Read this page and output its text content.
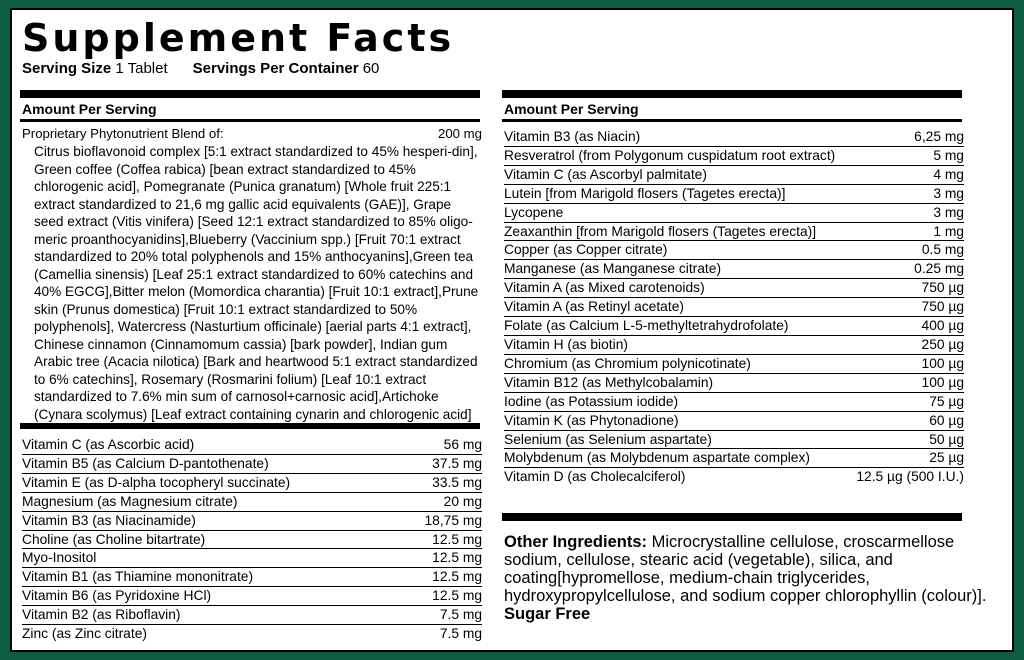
Supplement Facts
Serving Size 1 Tablet Servings Per Container 60
Amount Per Serving
Proprietary Phytonutrient Blend of:	200 mg
Citrus bioflavonoid complex [5:1 extract standardized to 45% hesperi-din], Green coffee (Coffea rabica) [bean extract standardized to 45% chlorogenic acid], Pomegranate (Punica granatum) [Whole fruit 225:1 extract standardized to 21,6 mg gallic acid equivalents (GAE)], Grape seed extract (Vitis vinifera) [Seed 12:1 extract standardized to 85% oligo-meric proanthocyanidins],Blueberry (Vaccinium spp.) [Fruit 70:1 extract standardized to 20% total polyphenols and 15% anthocyanins],Green tea (Camellia sinensis) [Leaf 25:1 extract standardized to 60% catechins and 40% EGCG],Bitter melon (Momordica charantia) [Fruit 10:1 extract],Prune skin (Prunus domestica) [Fruit 10:1 extract standardized to 50% polyphenols], Watercress (Nasturtium officinale) [aerial parts 4:1 extract], Chinese cinnamon (Cinnamomum cassia) [bark powder], Indian gum Arabic tree (Acacia nilotica) [Bark and heartwood 5:1 extract standardized to 6% catechins], Rosemary (Rosmarini folium) [Leaf 10:1 extract standardized to 7.6% min sum of carnosol+carnosic acid],Artichoke (Cynara scolymus) [Leaf extract containing cynarin and chlorogenic acid]
Vitamin C (as Ascorbic acid)	56 mg
Vitamin B5 (as Calcium D-pantothenate)	37.5 mg
Vitamin E (as D-alpha tocopheryl succinate)	33.5 mg
Magnesium (as Magnesium citrate)	20 mg
Vitamin B3 (as Niacinamide)	18,75 mg
Choline (as Choline bitartrate)	12.5 mg
Myo-Inositol	12.5 mg
Vitamin B1 (as Thiamine mononitrate)	12.5 mg
Vitamin B6 (as Pyridoxine HCl)	12.5 mg
Vitamin B2 (as Riboflavin)	7.5 mg
Zinc (as Zinc citrate)	7.5 mg
Amount Per Serving
Vitamin B3 (as Niacin)	6,25 mg
Resveratrol (from Polygonum cuspidatum root extract)	5 mg
Vitamin C (as Ascorbyl palmitate)	4 mg
Lutein [from Marigold flosers (Tagetes erecta)]	3 mg
Lycopene	3 mg
Zeaxanthin [from Marigold flosers (Tagetes erecta)]	1 mg
Copper (as Copper citrate)	0.5 mg
Manganese (as Manganese citrate)	0.25 mg
Vitamin A (as Mixed carotenoids)	750 µg
Vitamin A (as Retinyl acetate)	750 µg
Folate (as Calcium L-5-methyltetrahydrofolate)	400 µg
Vitamin H (as biotin)	250 µg
Chromium (as Chromium polynicotinate)	100 µg
Vitamin B12 (as Methylcobalamin)	100 µg
Iodine (as Potassium iodide)	75 µg
Vitamin K (as Phytonadione)	60 µg
Selenium (as Selenium aspartate)	50 µg
Molybdenum (as Molybdenum aspartate complex)	25 µg
Vitamin D (as Cholecalciferol)	12.5 µg (500 I.U.)
Other Ingredients: Microcrystalline cellulose, croscarmellose sodium, cellulose, stearic acid (vegetable), silica, and coating[hypromellose, medium-chain triglycerides, hydroxypropylcellulose, and sodium copper chlorophyllin (colour)].
Sugar Free
